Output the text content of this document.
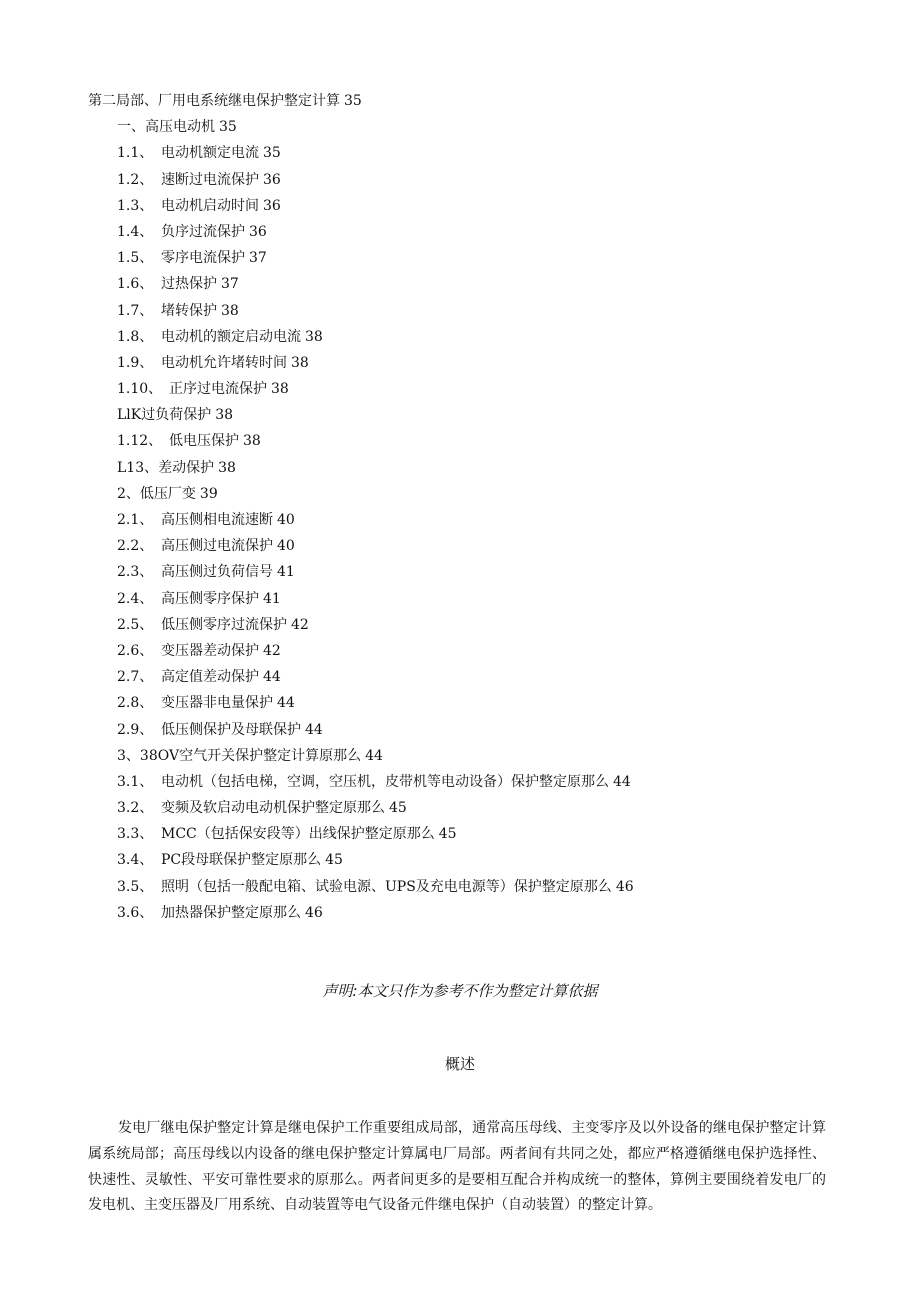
第二局部、厂用电系统继电保护整定计算 35
一、高压电动机 35
1.1、 电动机额定电流 35
1.2、 速断过电流保护 36
1.3、 电动机启动时间 36
1.4、 负序过流保护 36
1.5、 零序电流保护 37
1.6、 过热保护 37
1.7、 堵转保护 38
1.8、 电动机的额定启动电流 38
1.9、 电动机允许堵转时间 38
1.10、 正序过电流保护 38
LlK过负荷保护 38
1.12、 低电压保护 38
L13、差动保护 38
2、低压厂变 39
2.1、 高压侧相电流速断 40
2.2、 高压侧过电流保护 40
2.3、 高压侧过负荷信号 41
2.4、 高压侧零序保护 41
2.5、 低压侧零序过流保护 42
2.6、 变压器差动保护 42
2.7、 高定值差动保护 44
2.8、 变压器非电量保护 44
2.9、 低压侧保护及母联保护 44
3、38OV空气开关保护整定计算原那么 44
3.1、 电动机（包括电梯，空调，空压机，皮带机等电动设备）保护整定原那么 44
3.2、 变频及软启动电动机保护整定原那么 45
3.3、 MCC（包括保安段等）出线保护整定原那么 45
3.4、 PC段母联保护整定原那么 45
3.5、 照明（包括一般配电箱、试验电源、UPS及充电电源等）保护整定原那么 46
3.6、 加热器保护整定原那么 46
声明:本文只作为参考不作为整定计算依据
概述
发电厂继电保护整定计算是继电保护工作重要组成局部，通常高压母线、主变零序及以外设备的继电保护整定计算属系统局部；高压母线以内设备的继电保护整定计算属电厂局部。两者间有共同之处，都应严格遵循继电保护选择性、快速性、灵敏性、平安可靠性要求的原那么。两者间更多的是要相互配合并构成统一的整体，算例主要围绕着发电厂的发电机、主变压器及厂用系统、自动装置等电气设备元件继电保护（自动装置）的整定计算。
